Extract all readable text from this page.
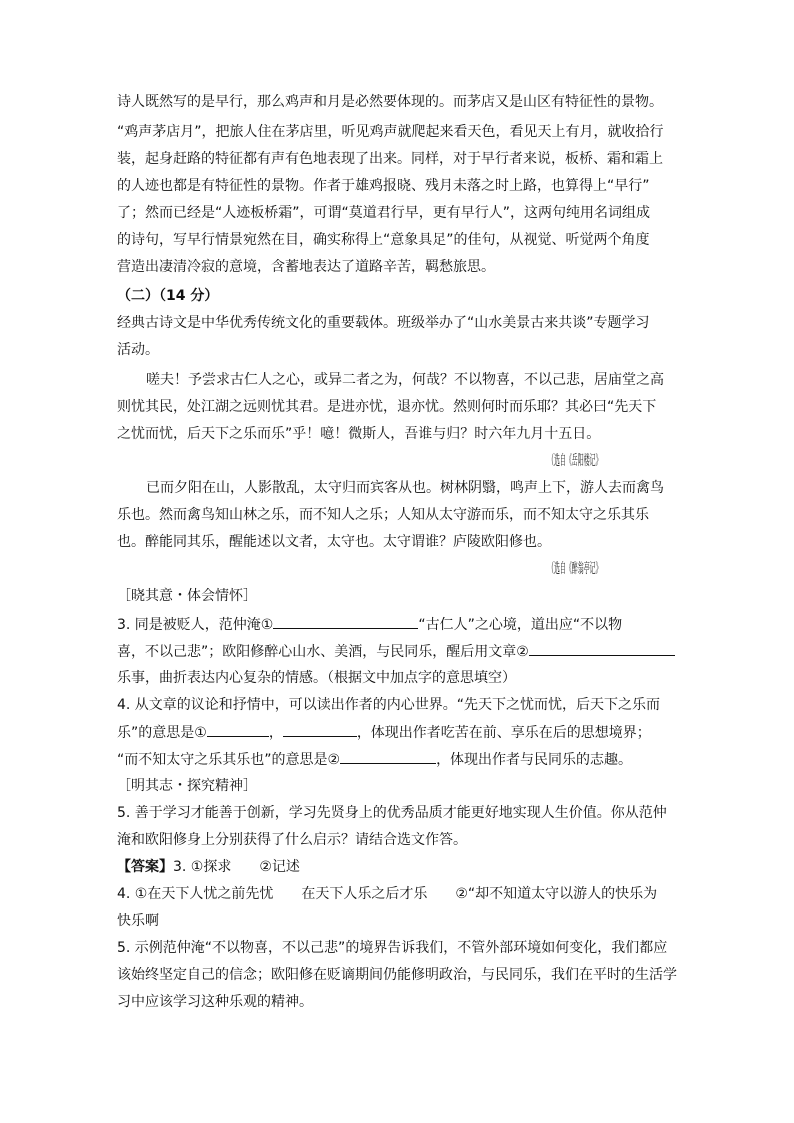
诗人既然写的是早行，那么鸡声和月是必然要体现的。而茅店又是山区有特征性的景物。
“鸡声茅店月”，把旅人住在茅店里，听见鸡声就爬起来看天色，看见天上有月，就收拾行
装，起身赶路的特征都有声有色地表现了出来。同样，对于早行者来说，板桥、霜和霜上
的人迹也都是有特征性的景物。作者于雄鸡报晓、残月未落之时上路，也算得上“早行”
了；然而已经是“人迹板桥霜”，可谓“莫道君行早，更有早行人”，这两句纯用名词组成
的诗句，写早行情景宛然在目，确实称得上“意象具足”的佳句，从视觉、听觉两个角度
营造出凄清冷寂的意境，含蓄地表达了道路辛苦，羁愁旅思。
（二）（14 分）
经典古诗文是中华优秀传统文化的重要载体。班级举办了“山水美景古来共谈”专题学习
活动。
嗟夫！予尝求古仁人之心，或异二者之为，何哉？不以物喜，不以己悲，居庙堂之高
则忧其民，处江湖之远则忧其君。是进亦忧，退亦忧。然则何时而乐耶？其必曰“先天下
之忧而忧，后天下之乐而乐”乎！噫！微斯人，吾谁与归？时六年九月十五日。
（选自《岳阳楼记》
已而夕阳在山，人影散乱，太守归而宾客从也。树林阴翳，鸣声上下，游人去而禽鸟
乐也。然而禽鸟知山林之乐，而不知人之乐；人知从太守游而乐，而不知太守之乐其乐
也。醉能同其乐，醒能述以文者，太守也。太守谓谁？庐陵欧阳修也。
（选自《醉翁亭记》
［晓其意・体会情怀］
3. 同是被贬人，范仲淹①	“古仁人”之心境，道出应“不以物
喜，不以己悲”；欧阳修醉心山水、美酒，与民同乐，醒后用文章②
乐事，曲折表达内心复杂的情感。（根据文中加点字的意思填空）
4. 从文章的议论和抒情中，可以读出作者的内心世界。“先天下之忧而忧，后天下之乐而
乐”的意思是①	，	，体现出作者吃苦在前、享乐在后的思想境界；
“而不知太守之乐其乐也”的意思是②	，体现出作者与民同乐的志趣。
［明其志・探究精神］
5. 善于学习才能善于创新，学习先贤身上的优秀品质才能更好地实现人生价值。你从范仲
淹和欧阳修身上分别获得了什么启示？请结合选文作答。
【答案】3. ①探求　　②记述
4. ①在天下人忧之前先忧　　在天下人乐之后才乐　　②“却不知道太守以游人的快乐为
快乐啊
5. 示例范仲淹“不以物喜，不以己悲”的境界告诉我们，不管外部环境如何变化，我们都应
该始终坚定自己的信念；欧阳修在贬谪期间仍能修明政治，与民同乐，我们在平时的生活学
习中应该学习这种乐观的精神。
